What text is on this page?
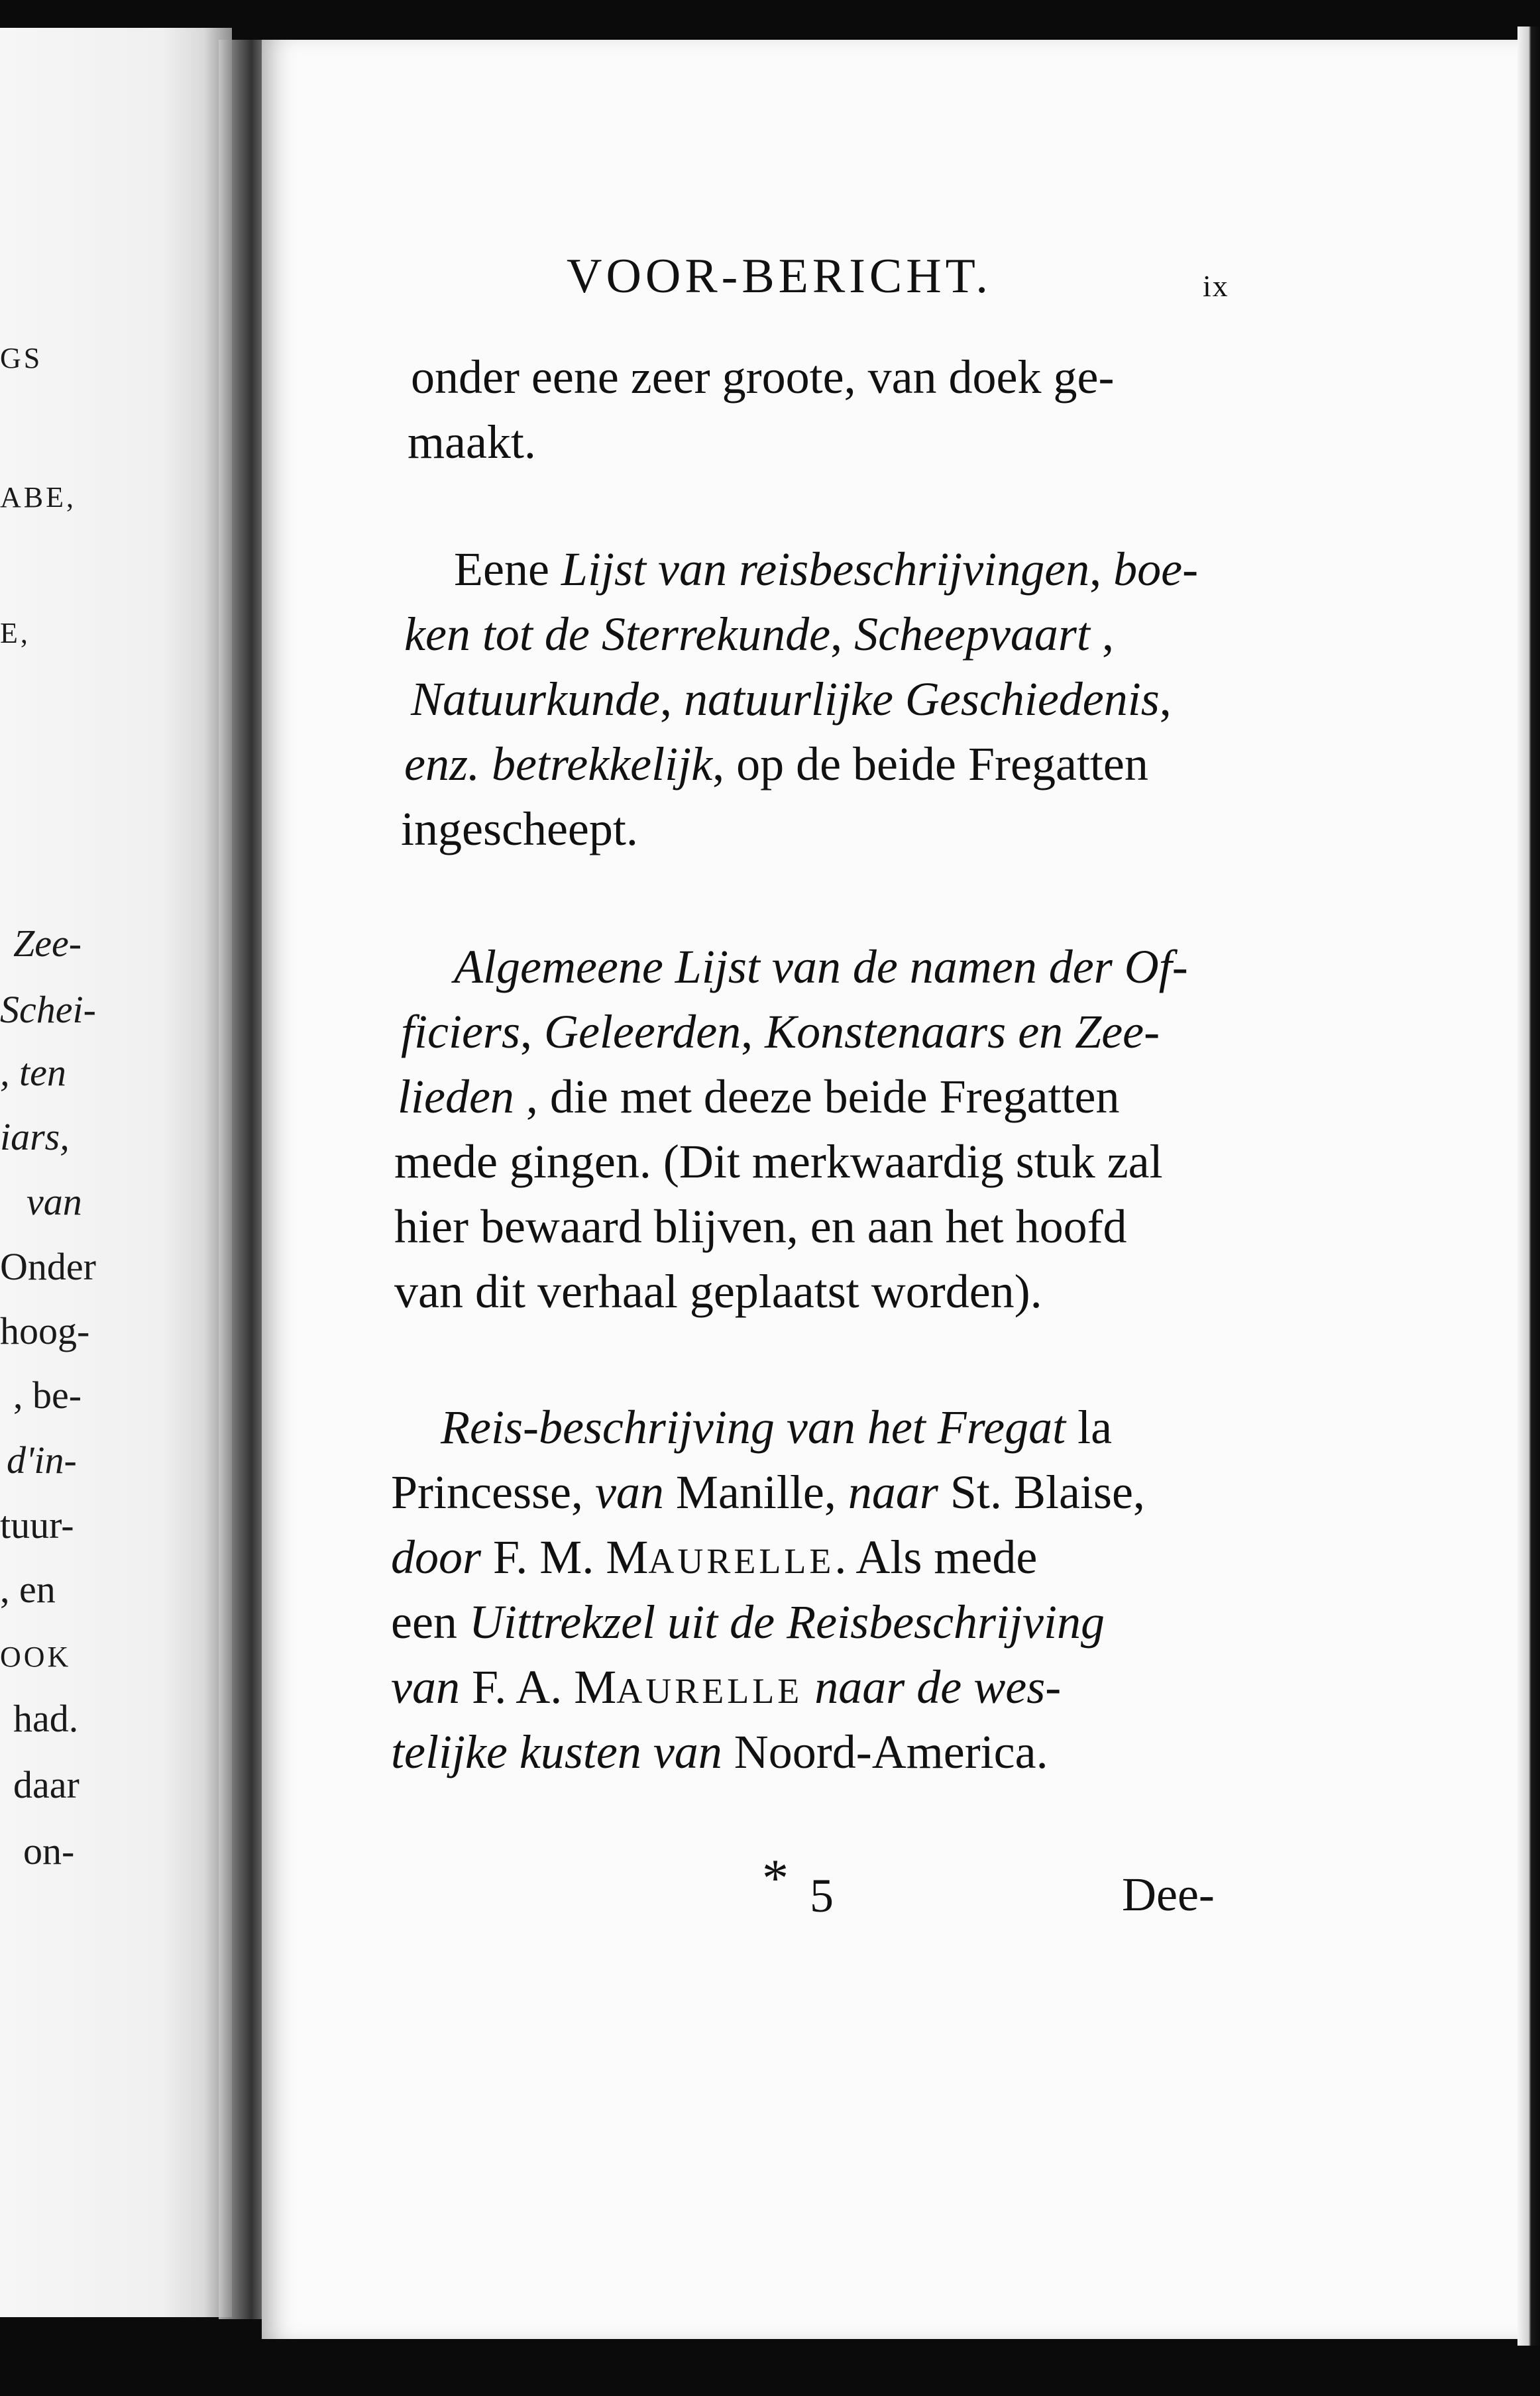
GS
ABE,
E,
Zee-
Schei-
, ten
iars,
van
Onder
hoog-
, be-
d'in-
tuur-
, en
OOK
had.
daar
on-
VOOR-BERICHT.	ix
onder eene zeer groote, van doek ge-
maakt.
Eene Lijst van reisbeschrijvingen, boe-
ken tot de Sterrekunde, Scheepvaart ,
Natuurkunde, natuurlijke Geschiedenis,
enz. betrekkelijk, op de beide Fregatten
ingescheept.
Algemeene Lijst van de namen der Of-
ficiers, Geleerden, Konstenaars en Zee-
lieden , die met deeze beide Fregatten
mede gingen. (Dit merkwaardig stuk zal
hier bewaard blijven, en aan het hoofd
van dit verhaal geplaatst worden).
Reis-beschrijving van het Fregat la
Princesse, van Manille, naar St. Blaise,
door F. M. MAURELLE. Als mede
een Uittrekzel uit de Reisbeschrijving
van F. A. MAURELLE naar de wes-
telijke kusten van Noord-America.
* 5	Dee-
